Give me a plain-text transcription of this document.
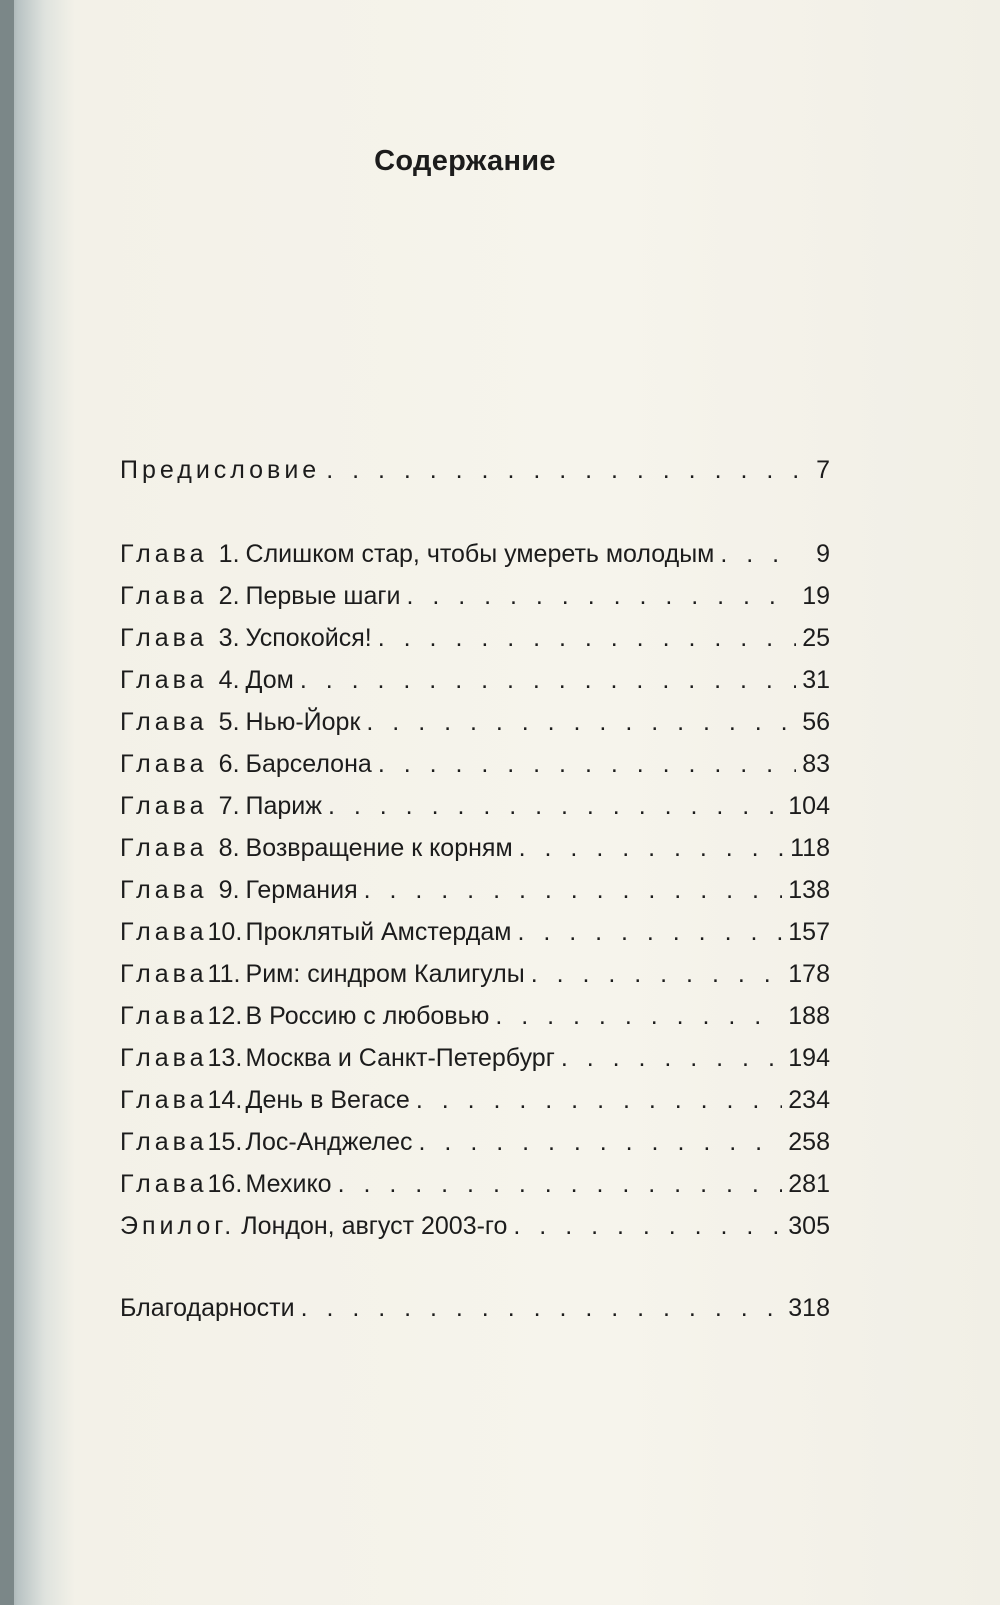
Содержание
Предисловие . . .	7
Глава 1. Слишком стар, чтобы умереть молодым . . .	9
Глава 2. Первые шаги . . .	19
Глава 3. Успокойся! . . .	25
Глава 4. Дом . . .	31
Глава 5. Нью-Йорк . . .	56
Глава 6. Барселона . . .	83
Глава 7. Париж . . .	104
Глава 8. Возвращение к корням . . .	118
Глава 9. Германия . . .	138
Глава 10. Проклятый Амстердам . . .	157
Глава 11. Рим: синдром Калигулы . . .	178
Глава 12. В Россию с любовью . . .	188
Глава 13. Москва и Санкт-Петербург . . .	194
Глава 14. День в Вегасе . . .	234
Глава 15. Лос-Анджелес . . .	258
Глава 16. Мехико . . .	281
Эпилог. Лондон, август 2003-го . . .	305
Благодарности . . .	318
